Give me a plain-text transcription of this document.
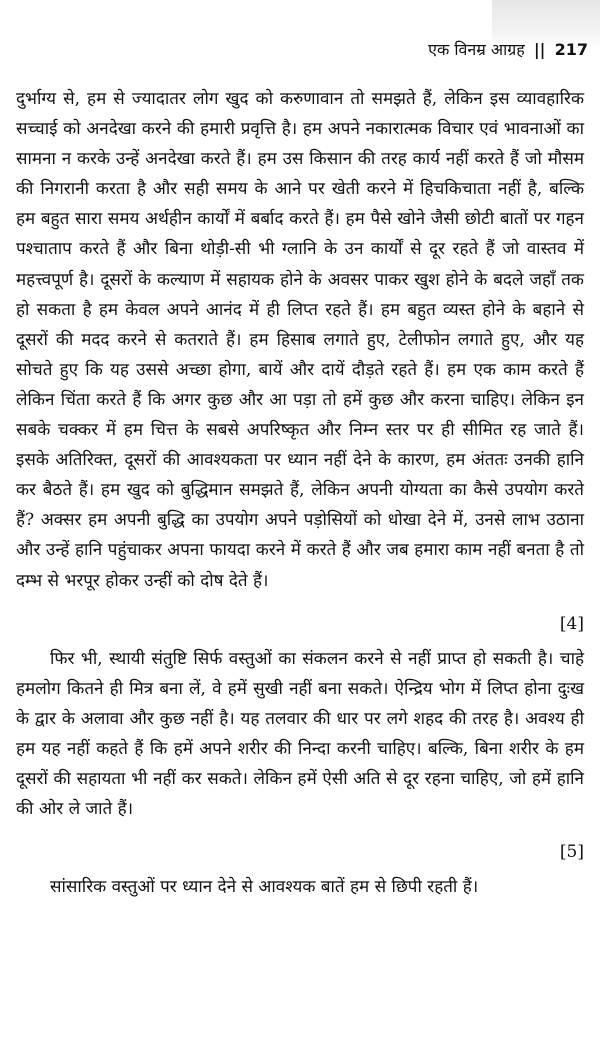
एक विनम्र आग्रह || 217

दुर्भाग्य से, हम से ज्यादातर लोग खुद को करुणावान तो समझते हैं, लेकिन इस व्यावहारिक सच्चाई को अनदेखा करने की हमारी प्रवृत्ति है। हम अपने नकारात्मक विचार एवं भावनाओं का सामना न करके उन्हें अनदेखा करते हैं। हम उस किसान की तरह कार्य नहीं करते हैं जो मौसम की निगरानी करता है और सही समय के आने पर खेती करने में हिचकिचाता नहीं है, बल्कि हम बहुत सारा समय अर्थहीन कार्यों में बर्बाद करते हैं। हम पैसे खोने जैसी छोटी बातों पर गहन पश्चाताप करते हैं और बिना थोड़ी-सी भी ग्लानि के उन कार्यों से दूर रहते हैं जो वास्तव में महत्त्वपूर्ण है। दूसरों के कल्याण में सहायक होने के अवसर पाकर खुश होने के बदले जहाँ तक हो सकता है हम केवल अपने आनंद में ही लिप्त रहते हैं। हम बहुत व्यस्त होने के बहाने से दूसरों की मदद करने से कतराते हैं। हम हिसाब लगाते हुए, टेलीफोन लगाते हुए, और यह सोचते हुए कि यह उससे अच्छा होगा, बायें और दायें दौड़ते रहते हैं। हम एक काम करते हैं लेकिन चिंता करते हैं कि अगर कुछ और आ पड़ा तो हमें कुछ और करना चाहिए। लेकिन इन सबके चक्कर में हम चित्त के सबसे अपरिष्कृत और निम्न स्तर पर ही सीमित रह जाते हैं। इसके अतिरिक्त, दूसरों की आवश्यकता पर ध्यान नहीं देने के कारण, हम अंततः उनकी हानि कर बैठते हैं। हम खुद को बुद्धिमान समझते हैं, लेकिन अपनी योग्यता का कैसे उपयोग करते हैं? अक्सर हम अपनी बुद्धि का उपयोग अपने पड़ोसियों को धोखा देने में, उनसे लाभ उठाना और उन्हें हानि पहुंचाकर अपना फायदा करने में करते हैं और जब हमारा काम नहीं बनता है तो दम्भ से भरपूर होकर उन्हीं को दोष देते हैं।

[4]

फिर भी, स्थायी संतुष्टि सिर्फ वस्तुओं का संकलन करने से नहीं प्राप्त हो सकती है। चाहे हमलोग कितने ही मित्र बना लें, वे हमें सुखी नहीं बना सकते। ऐन्द्रिय भोग में लिप्त होना दुःख के द्वार के अलावा और कुछ नहीं है। यह तलवार की धार पर लगे शहद की तरह है। अवश्य ही हम यह नहीं कहते हैं कि हमें अपने शरीर की निन्दा करनी चाहिए। बल्कि, बिना शरीर के हम दूसरों की सहायता भी नहीं कर सकते। लेकिन हमें ऐसी अति से दूर रहना चाहिए, जो हमें हानि की ओर ले जाते हैं।

[5]

सांसारिक वस्तुओं पर ध्यान देने से आवश्यक बातें हम से छिपी रहती हैं।
